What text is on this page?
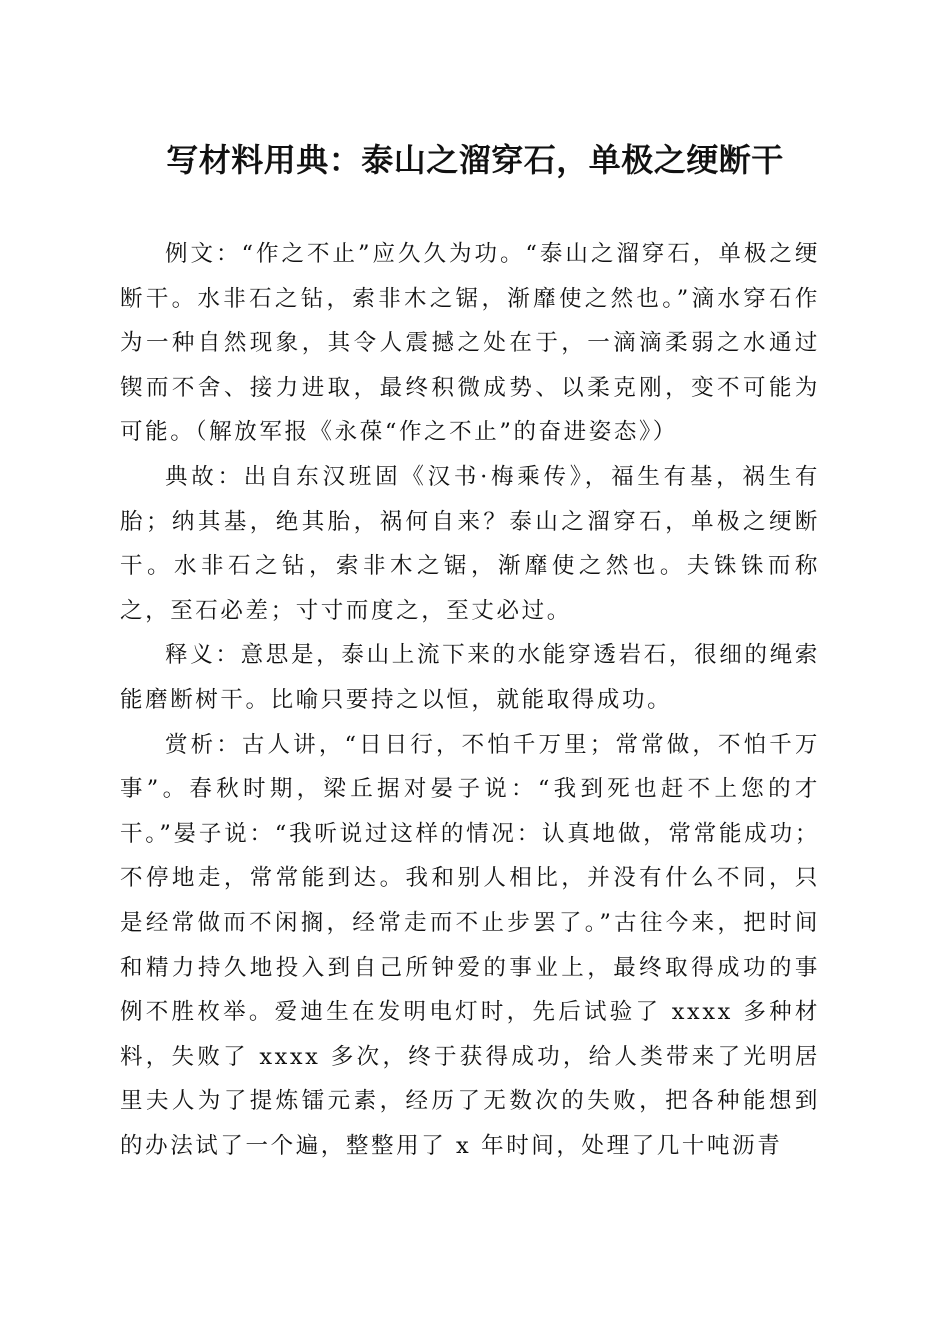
写材料用典：泰山之溜穿石，单极之绠断干

例文：“作之不止”应久久为功。“泰山之溜穿石，单极之绠断干。水非石之钻，索非木之锯，渐靡使之然也。”滴水穿石作为一种自然现象，其令人震撼之处在于，一滴滴柔弱之水通过锲而不舍、接力进取，最终积微成势、以柔克刚，变不可能为可能。（解放军报《永葆“作之不止”的奋进姿态》）

典故：出自东汉班固《汉书·梅乘传》，福生有基，祸生有胎；纳其基，绝其胎，祸何自来？泰山之溜穿石，单极之绠断干。水非石之钻，索非木之锯，渐靡使之然也。夫铢铢而称之，至石必差；寸寸而度之，至丈必过。

释义：意思是，泰山上流下来的水能穿透岩石，很细的绳索能磨断树干。比喻只要持之以恒，就能取得成功。

赏析：古人讲，“日日行，不怕千万里；常常做，不怕千万事”。春秋时期，梁丘据对晏子说：“我到死也赶不上您的才干。”晏子说：“我听说过这样的情况：认真地做，常常能成功；不停地走，常常能到达。我和别人相比，并没有什么不同，只是经常做而不闲搁，经常走而不止步罢了。”古往今来，把时间和精力持久地投入到自己所钟爱的事业上，最终取得成功的事例不胜枚举。爱迪生在发明电灯时，先后试验了 xxxx 多种材料，失败了 xxxx 多次，终于获得成功，给人类带来了光明居里夫人为了提炼镭元素，经历了无数次的失败，把各种能想到的办法试了一个遍，整整用了 x 年时间，处理了几十吨沥青
